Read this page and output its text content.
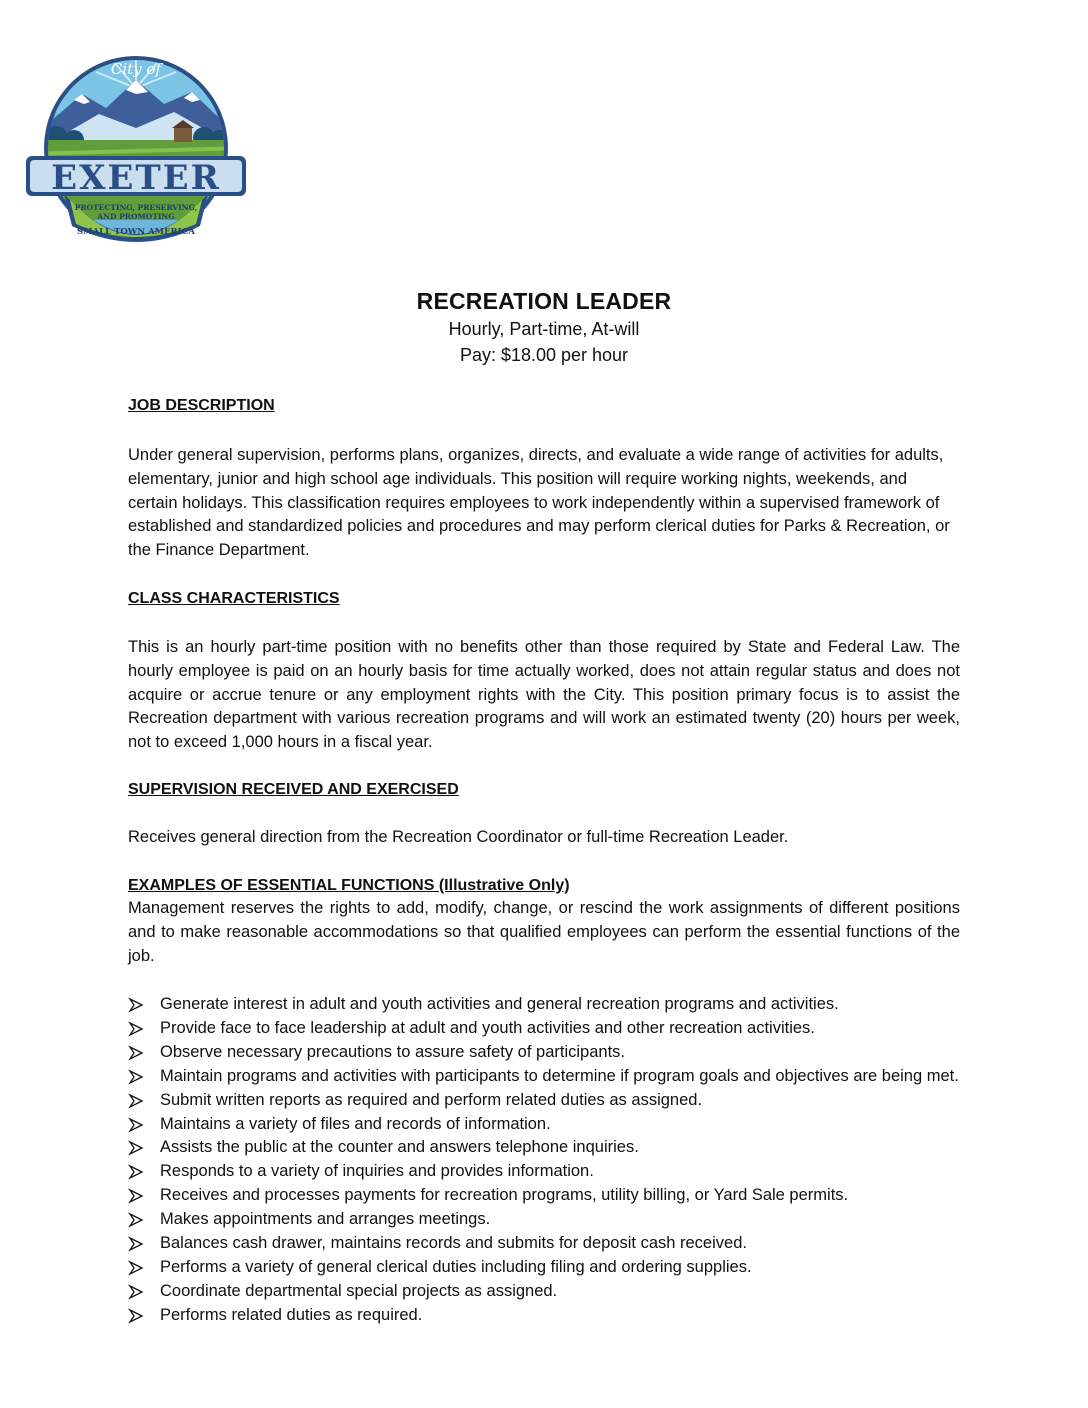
EXETER
City of
PROTECTING, PRESERVING,
AND PROMOTING
SMALL TOWN AMERICA
RECREATION LEADER
Hourly, Part-time, At-will
Pay: $18.00 per hour
JOB DESCRIPTION

Under general supervision, performs plans, organizes, directs, and evaluate a wide range of activities for adults, elementary, junior and high school age individuals. This position will require working nights, weekends, and certain holidays. This classification requires employees to work independently within a supervised framework of established and standardized policies and procedures and may perform clerical duties for Parks & Recreation, or the Finance Department.

CLASS CHARACTERISTICS

This is an hourly part-time position with no benefits other than those required by State and Federal Law. The hourly employee is paid on an hourly basis for time actually worked, does not attain regular status and does not acquire or accrue tenure or any employment rights with the City. This position primary focus is to assist the Recreation department with various recreation programs and will work an estimated twenty (20) hours per week, not to exceed 1,000 hours in a fiscal year.

SUPERVISION RECEIVED AND EXERCISED

Receives general direction from the Recreation Coordinator or full-time Recreation Leader.

EXAMPLES OF ESSENTIAL FUNCTIONS (Illustrative Only)

Management reserves the rights to add, modify, change, or rescind the work assignments of different positions and to make reasonable accommodations so that qualified employees can perform the essential functions of the job.

Generate interest in adult and youth activities and general recreation programs and activities.
Provide face to face leadership at adult and youth activities and other recreation activities.
Observe necessary precautions to assure safety of participants.
Maintain programs and activities with participants to determine if program goals and objectives are being met.
Submit written reports as required and perform related duties as assigned.
Maintains a variety of files and records of information.
Assists the public at the counter and answers telephone inquiries.
Responds to a variety of inquiries and provides information.
Receives and processes payments for recreation programs, utility billing, or Yard Sale permits.
Makes appointments and arranges meetings.
Balances cash drawer, maintains records and submits for deposit cash received.
Performs a variety of general clerical duties including filing and ordering supplies.
Coordinate departmental special projects as assigned.
Performs related duties as required.
